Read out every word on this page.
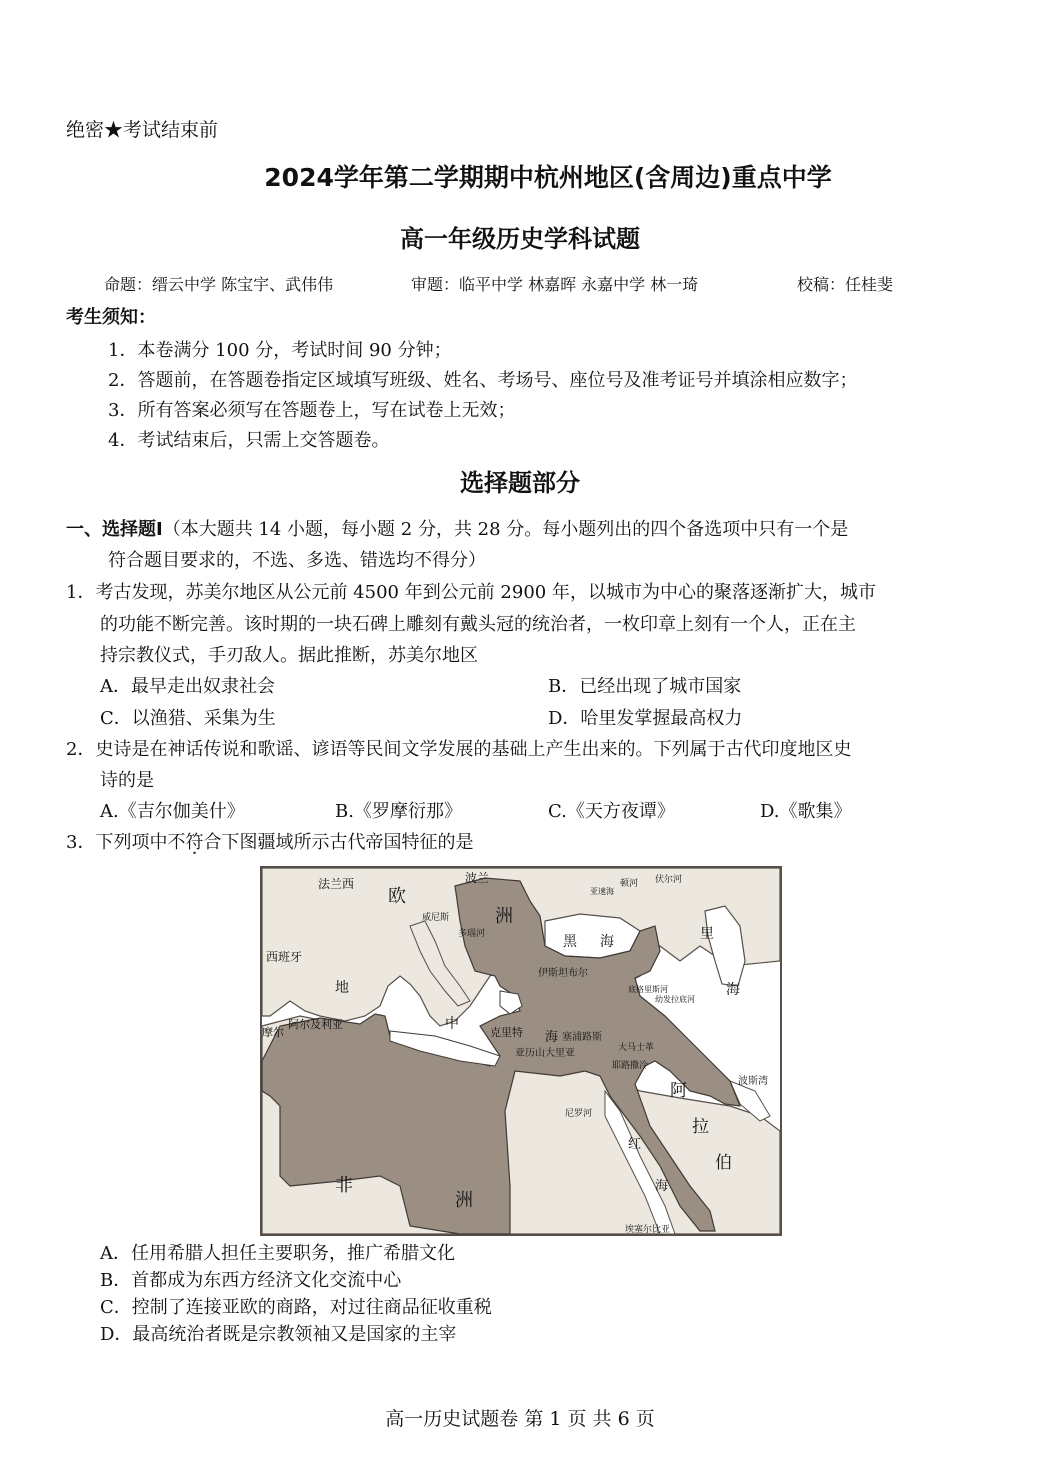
绝密★考试结束前
2024学年第二学期期中杭州地区(含周边)重点中学
高一年级历史学科试题
命题：缙云中学 陈宝宇、武伟伟	审题：临平中学 林嘉晖 永嘉中学 林一琦	校稿：任桂斐
考生须知：
1．本卷满分 100 分，考试时间 90 分钟；
2．答题前，在答题卷指定区域填写班级、姓名、考场号、座位号及准考证号并填涂相应数字；
3．所有答案必须写在答题卷上，写在试卷上无效；
4．考试结束后，只需上交答题卷。
选择题部分
一、选择题Ⅰ（本大题共 14 小题，每小题 2 分，共 28 分。每小题列出的四个备选项中只有一个是
符合题目要求的，不选、多选、错选均不得分）
1．考古发现，苏美尔地区从公元前 4500 年到公元前 2900 年，以城市为中心的聚落逐渐扩大，城市
的功能不断完善。该时期的一块石碑上雕刻有戴头冠的统治者，一枚印章上刻有一个人，正在主
持宗教仪式，手刃敌人。据此推断，苏美尔地区
A．最早走出奴隶社会	B．已经出现了城市国家
C．以渔猎、采集为生	D．哈里发掌握最高权力
2．史诗是在神话传说和歌谣、谚语等民间文学发展的基础上产生出来的。下列属于古代印度地区史
诗的是
A.《吉尔伽美什》	B.《罗摩衍那》	C.《天方夜谭》	D.《歌集》
3．下列项中不符合下图疆域所示古代帝国特征的是
法兰西
欧
洲
波兰
西班牙
地
阿尔及利亚
摩尔
威尼斯
多瑙河	黑 海
伊斯坦布尔
中
克里特 海 塞浦路斯
亚历山大里亚	大马士革
耶路撒冷
尼罗河
红
海
阿
拉
伯
非
洲
埃塞尔比亚
里
海
波斯湾
伏尔河
顿河
亚速海
幼发拉底河
底格里斯河
A．任用希腊人担任主要职务，推广希腊文化
B．首都成为东西方经济文化交流中心
C．控制了连接亚欧的商路，对过往商品征收重税
D．最高统治者既是宗教领袖又是国家的主宰
高一历史试题卷 第 1 页 共 6 页
